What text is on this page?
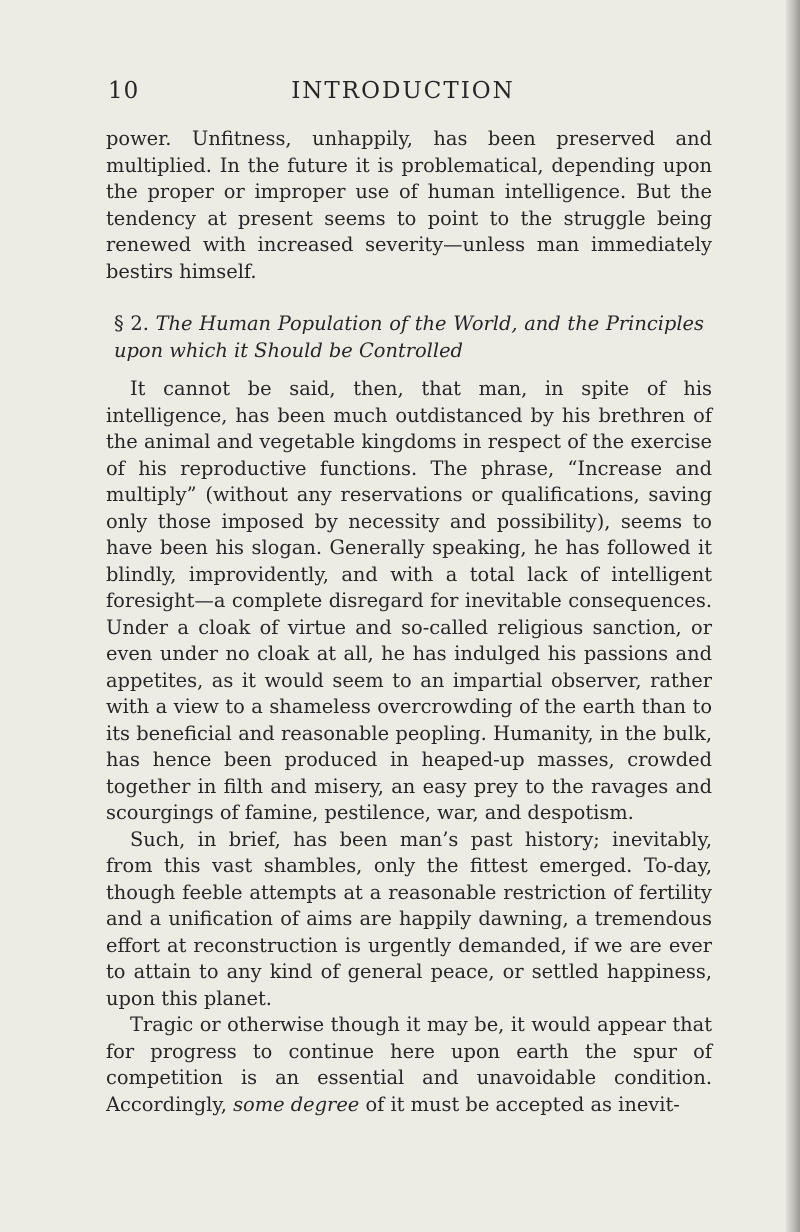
10	INTRODUCTION

power. Unfitness, unhappily, has been preserved and multiplied. In the future it is problematical, depending upon the proper or improper use of human intelligence. But the tendency at present seems to point to the struggle being renewed with increased severity—unless man immediately bestirs himself.

§ 2. The Human Population of the World, and the Principles upon which it Should be Controlled

It cannot be said, then, that man, in spite of his intelligence, has been much outdistanced by his brethren of the animal and vegetable kingdoms in respect of the exercise of his reproductive functions. The phrase, “Increase and multiply” (without any reservations or qualifications, saving only those imposed by necessity and possibility), seems to have been his slogan. Generally speaking, he has followed it blindly, improvidently, and with a total lack of intelligent foresight—a complete disregard for inevitable consequences. Under a cloak of virtue and so-called religious sanction, or even under no cloak at all, he has indulged his passions and appetites, as it would seem to an impartial observer, rather with a view to a shameless overcrowding of the earth than to its beneficial and reasonable peopling. Humanity, in the bulk, has hence been produced in heaped-up masses, crowded together in filth and misery, an easy prey to the ravages and scourgings of famine, pestilence, war, and despotism.

Such, in brief, has been man’s past history; inevitably, from this vast shambles, only the fittest emerged. To-day, though feeble attempts at a reasonable restriction of fertility and a unification of aims are happily dawning, a tremendous effort at reconstruction is urgently demanded, if we are ever to attain to any kind of general peace, or settled happiness, upon this planet.

Tragic or otherwise though it may be, it would appear that for progress to continue here upon earth the spur of competition is an essential and unavoidable condition. Accordingly, some degree of it must be accepted as inevit-
